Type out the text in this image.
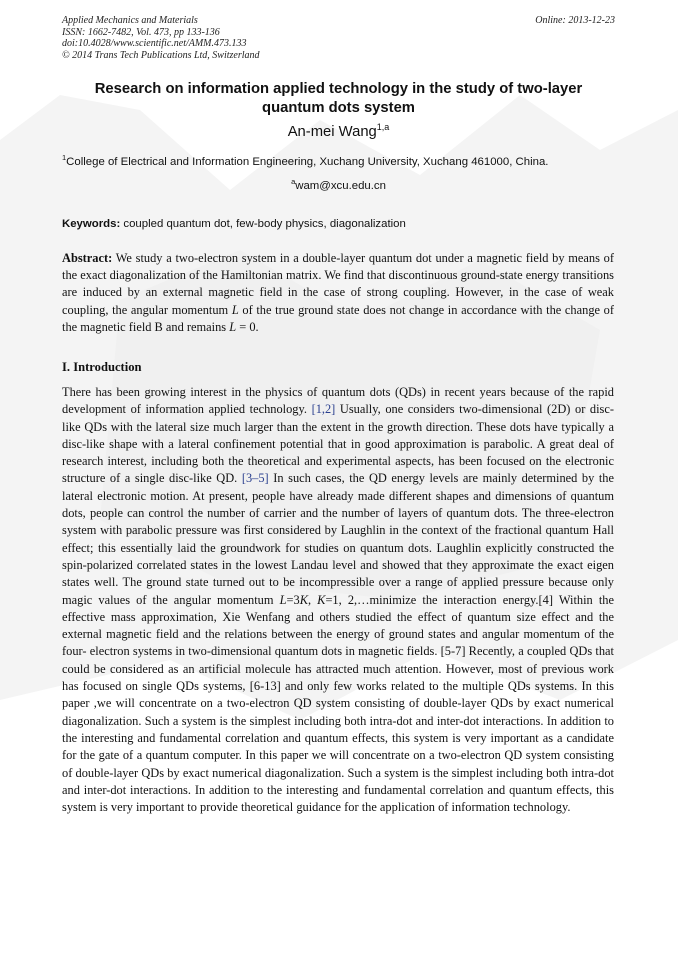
Applied Mechanics and Materials
ISSN: 1662-7482, Vol. 473, pp 133-136
doi:10.4028/www.scientific.net/AMM.473.133
© 2014 Trans Tech Publications Ltd, Switzerland
Online: 2013-12-23
Research on information applied technology in the study of two-layer
quantum dots system
An-mei Wang$^{1,a}$
$^1$College of Electrical and Information Engineering, Xuchang University, Xuchang 461000, China.
$^a$wam@xcu.edu.cn
Keywords: coupled quantum dot, few-body physics, diagonalization
Abstract: We study a two-electron system in a double-layer quantum dot under a magnetic field by means of the exact diagonalization of the Hamiltonian matrix. We find that discontinuous ground-state energy transitions are induced by an external magnetic field in the case of strong coupling. However, in the case of weak coupling, the angular momentum L of the true ground state does not change in accordance with the change of the magnetic field B and remains L = 0.
I. Introduction
There has been growing interest in the physics of quantum dots (QDs) in recent years because of the rapid development of information applied technology. [1,2] Usually, one considers two-dimensional (2D) or disc-like QDs with the lateral size much larger than the extent in the growth direction. These dots have typically a disc-like shape with a lateral confinement potential that in good approximation is parabolic. A great deal of research interest, including both the theoretical and experimental aspects, has been focused on the electronic structure of a single disc-like QD. [3–5] In such cases, the QD energy levels are mainly determined by the lateral electronic motion. At present, people have already made different shapes and dimensions of quantum dots, people can control the number of carrier and the number of layers of quantum dots. The three-electron system with parabolic pressure was first considered by Laughlin in the context of the fractional quantum Hall effect; this essentially laid the groundwork for studies on quantum dots. Laughlin explicitly constructed the spin-polarized correlated states in the lowest Landau level and showed that they approximate the exact eigen states well. The ground state turned out to be incompressible over a range of applied pressure because only magic values of the angular momentum L=3K, K=1, 2,…minimize the interaction energy.[4] Within the effective mass approximation, Xie Wenfang and others studied the effect of quantum size effect and the external magnetic field and the relations between the energy of ground states and angular momentum of the four- electron systems in two-dimensional quantum dots in magnetic fields. [5-7] Recently, a coupled QDs that could be considered as an artificial molecule has attracted much attention. However, most of previous work has focused on single QDs systems, [6-13] and only few works related to the multiple QDs systems. In this paper ,we will concentrate on a two-electron QD system consisting of double-layer QDs by exact numerical diagonalization. Such a system is the simplest including both intra-dot and inter-dot interactions. In addition to the interesting and fundamental correlation and quantum effects, this system is very important as a candidate for the gate of a quantum computer. In this paper we will concentrate on a two-electron QD system consisting of double-layer QDs by exact numerical diagonalization. Such a system is the simplest including both intra-dot and inter-dot interactions. In addition to the interesting and fundamental correlation and quantum effects, this system is very important to provide theoretical guidance for the application of information technology.
